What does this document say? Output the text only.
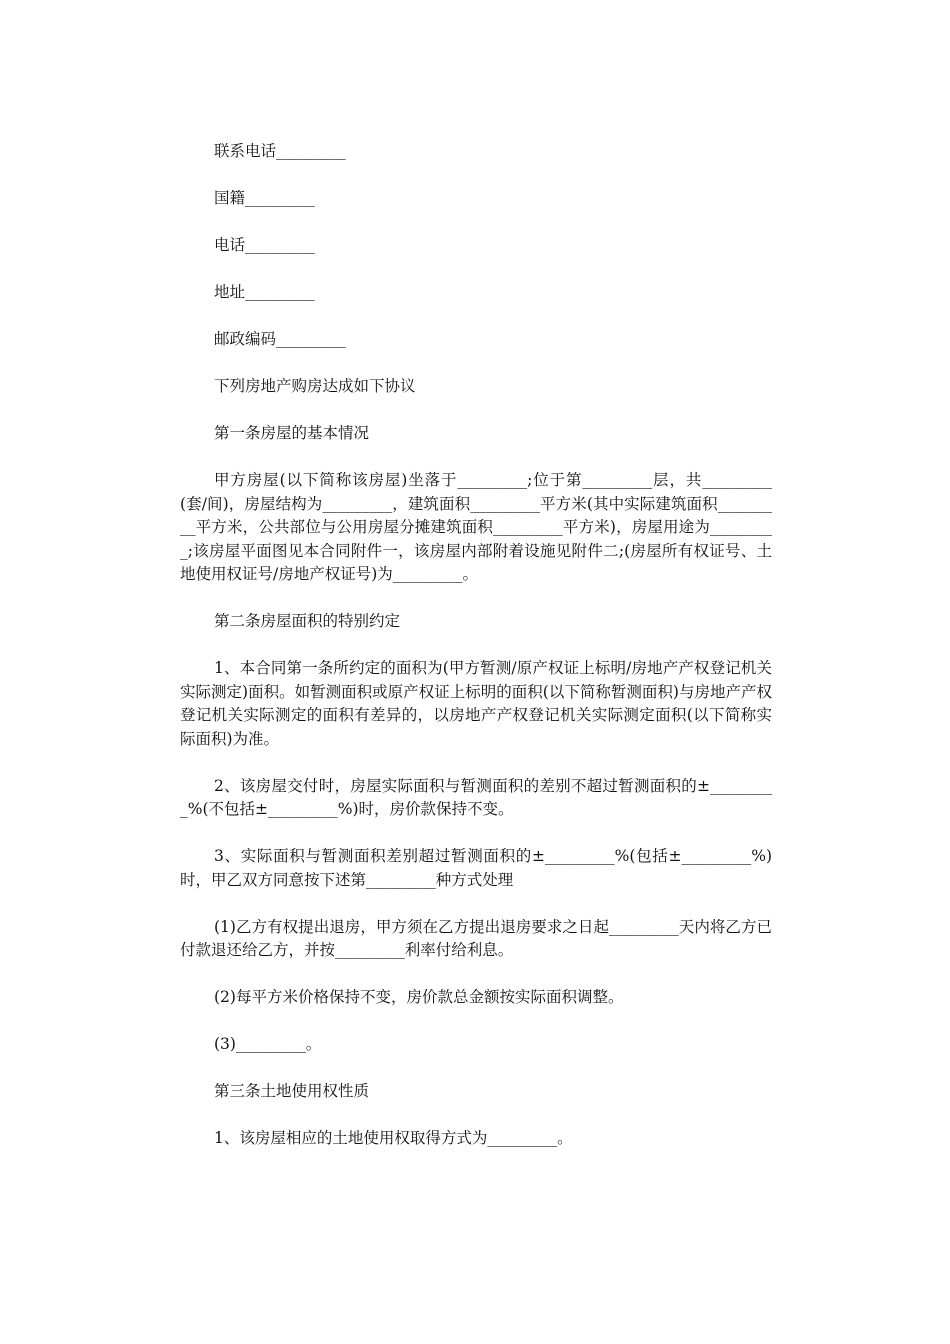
联系电话_________

国籍_________

电话_________

地址_________

邮政编码_________

下列房地产购房达成如下协议

第一条房屋的基本情况

甲方房屋(以下简称该房屋)坐落于_________;位于第_________层，共_________(套/间)，房屋结构为_________，建筑面积_________平方米(其中实际建筑面积_________平方米，公共部位与公用房屋分摊建筑面积_________平方米)，房屋用途为_________;该房屋平面图见本合同附件一，该房屋内部附着设施见附件二;(房屋所有权证号、土地使用权证号/房地产权证号)为_________。

第二条房屋面积的特别约定

1、本合同第一条所约定的面积为(甲方暂测/原产权证上标明/房地产产权登记机关实际测定)面积。如暂测面积或原产权证上标明的面积(以下简称暂测面积)与房地产产权登记机关实际测定的面积有差异的，以房地产产权登记机关实际测定面积(以下简称实际面积)为准。

2、该房屋交付时，房屋实际面积与暂测面积的差别不超过暂测面积的±_________%(不包括±_________%)时，房价款保持不变。

3、实际面积与暂测面积差别超过暂测面积的±_________%(包括±_________%)时，甲乙双方同意按下述第_________种方式处理

(1)乙方有权提出退房，甲方须在乙方提出退房要求之日起_________天内将乙方已付款退还给乙方，并按_________利率付给利息。

(2)每平方米价格保持不变，房价款总金额按实际面积调整。

(3)_________。

第三条土地使用权性质

1、该房屋相应的土地使用权取得方式为_________。
